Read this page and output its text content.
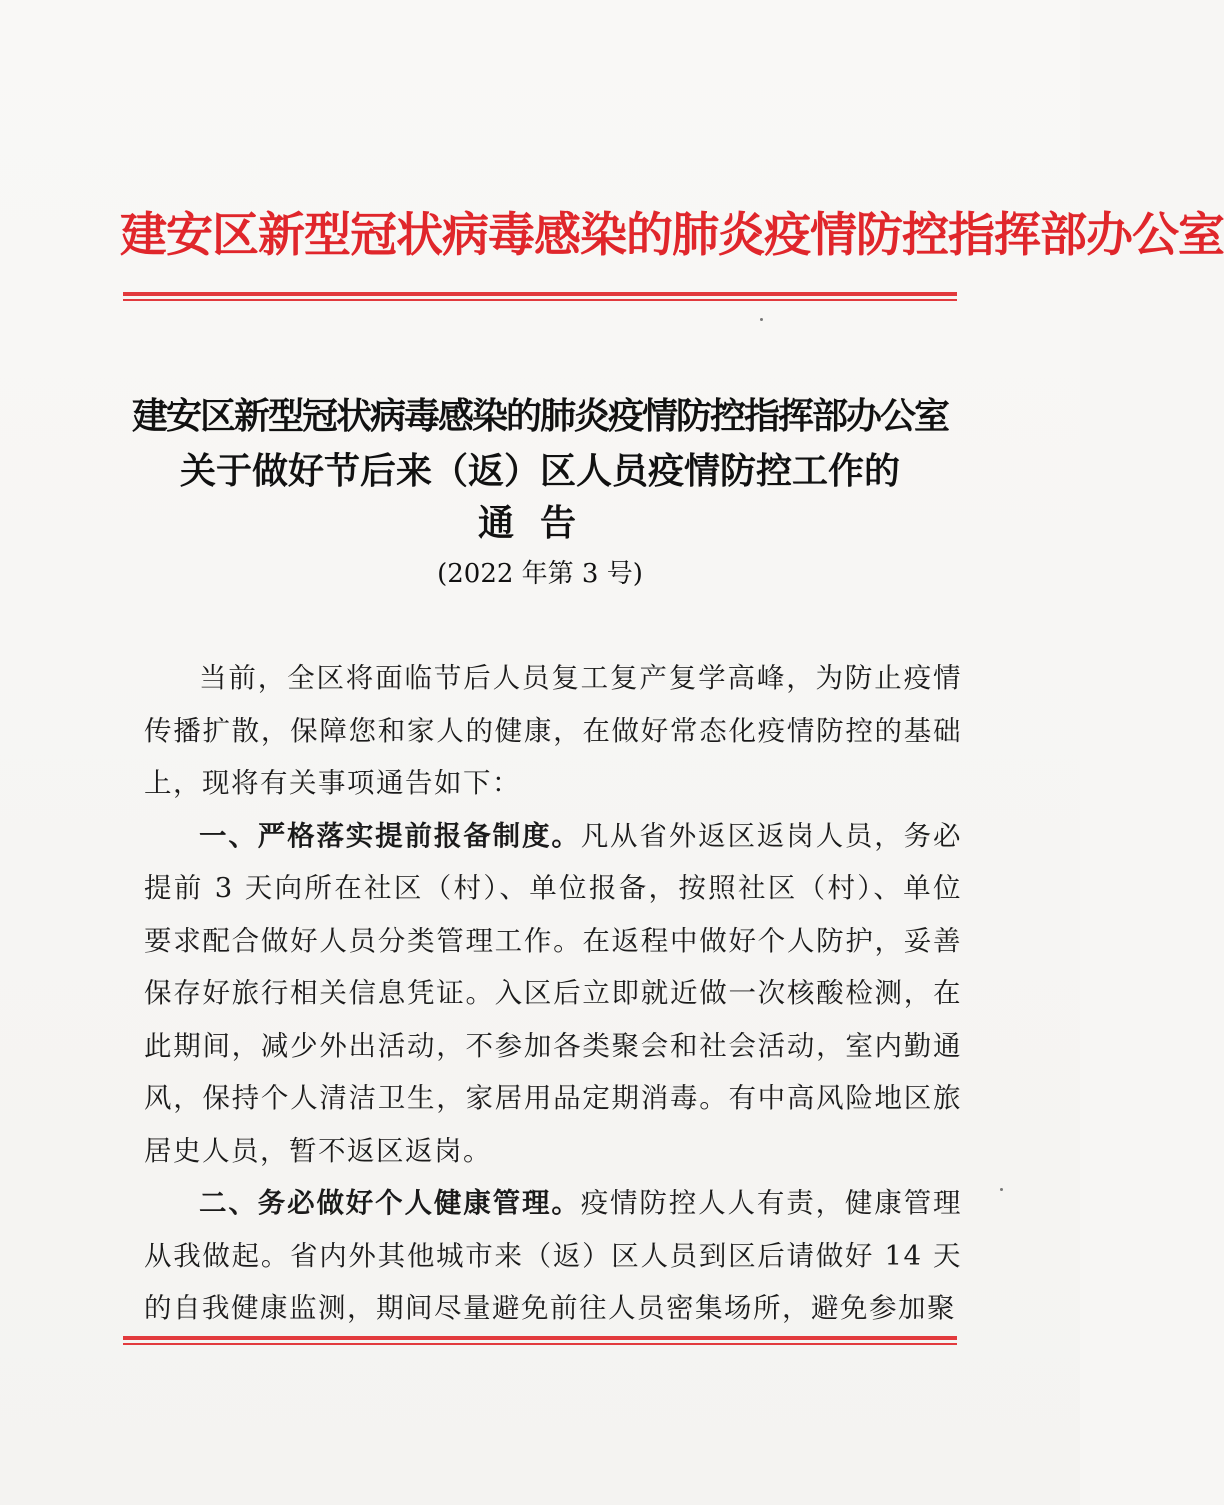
建安区新型冠状病毒感染的肺炎疫情防控指挥部办公室
建安区新型冠状病毒感染的肺炎疫情防控指挥部办公室
关于做好节后来（返）区人员疫情防控工作的
通告
(2022 年第 3 号)

当前，全区将面临节后人员复工复产复学高峰，为防止疫情传播扩散，保障您和家人的健康，在做好常态化疫情防控的基础上，现将有关事项通告如下：

一、严格落实提前报备制度。凡从省外返区返岗人员，务必提前 3 天向所在社区（村）、单位报备，按照社区（村）、单位要求配合做好人员分类管理工作。在返程中做好个人防护，妥善保存好旅行相关信息凭证。入区后立即就近做一次核酸检测，在此期间，减少外出活动，不参加各类聚会和社会活动，室内勤通风，保持个人清洁卫生，家居用品定期消毒。有中高风险地区旅居史人员，暂不返区返岗。

二、务必做好个人健康管理。疫情防控人人有责，健康管理从我做起。省内外其他城市来（返）区人员到区后请做好 14 天的自我健康监测，期间尽量避免前往人员密集场所，避免参加聚
